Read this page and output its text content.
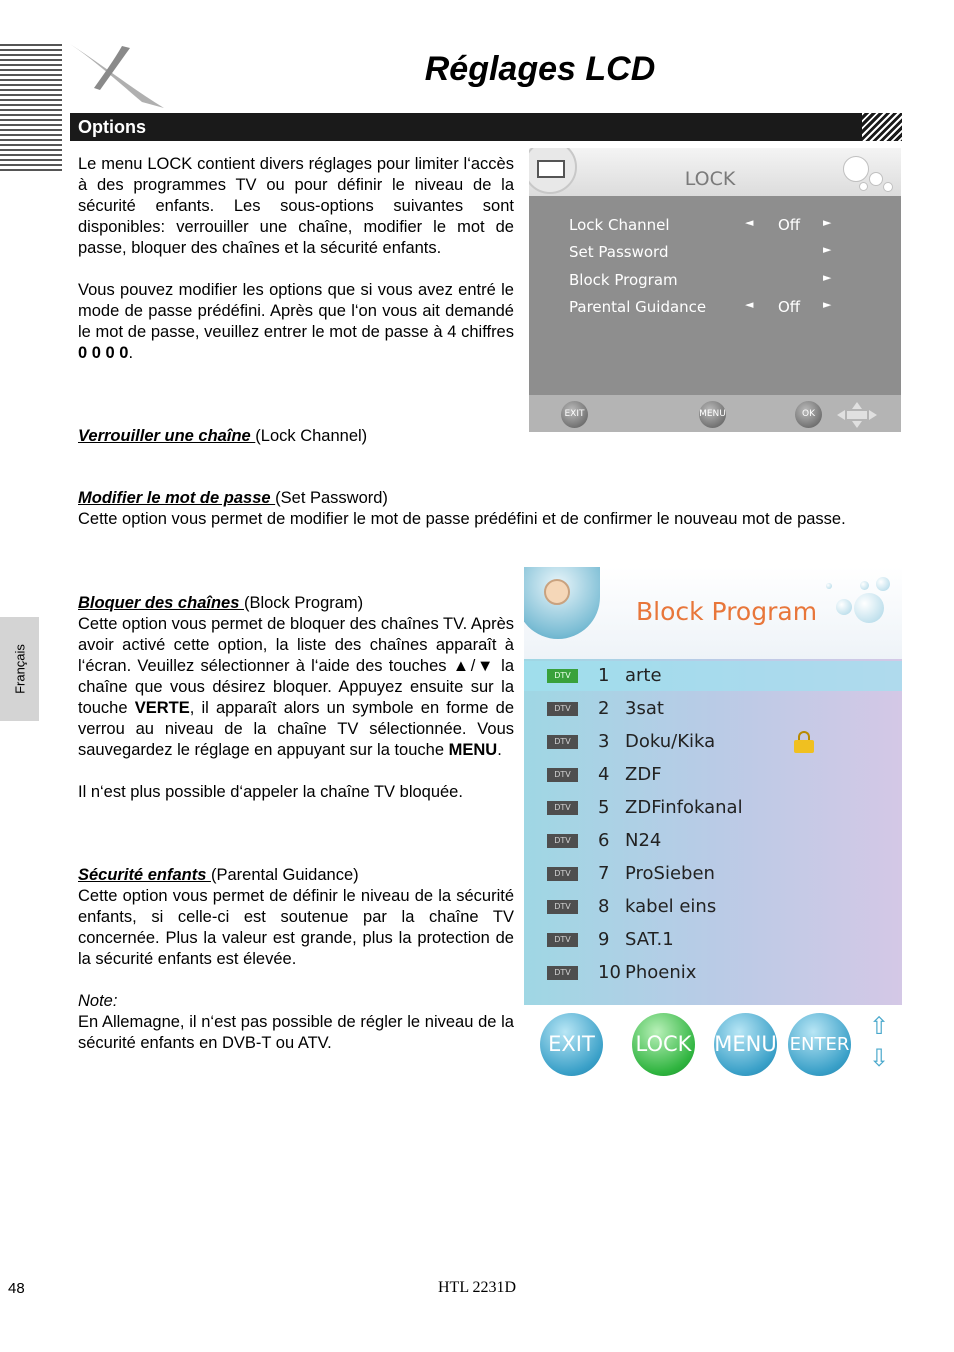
Réglages LCD
Options
Français

Le menu LOCK contient divers réglages pour limiter l‘accès à des programmes TV ou pour définir le niveau de la sécurité enfants. Les sous-options suivantes sont disponibles: verrouiller une chaîne, modifier le mot de passe, bloquer des chaînes et la sécurité enfants.

Vous pouvez modifier les options que si vous avez entré le mode de passe prédéfini. Après que l‘on vous ait demandé le mot de passe, veuillez entrer le mot de passe à 4 chiffres 0 0 0 0.

Verrouiller une chaîne (Lock Channel)

Modifier le mot de passe (Set Password)

Cette option vous permet de modifier le mot de passe prédéfini et de confirmer le nouveau mot de passe.

Bloquer des chaînes (Block Program)

Cette option vous permet de bloquer des chaînes TV. Après avoir activé cette option, la liste des chaînes apparaît à l‘écran. Veuillez sélectionner à l‘aide des touches ▲/▼ la chaîne que vous désirez bloquer. Appuyez ensuite sur la touche VERTE, il apparaît alors un symbole en forme de verrou au niveau de la chaîne TV sélectionnée. Vous sauvegardez le réglage en appuyant sur la touche MENU.

Il n‘est plus possible d‘appeler la chaîne TV bloquée.

Sécurité enfants (Parental Guidance)

Cette option vous permet de définir le niveau de la sécurité enfants, si celle-ci est soutenue par la chaîne TV concernée. Plus la valeur est grande, plus la protection de la sécurité enfants est élevée.

Note:

En Allemagne, il n‘est pas possible de régler le niveau de la sécurité enfants en DVB-T ou ATV.

LOCK
Lock Channel	◄ Off ►
Set Password	►
Block Program	►
Parental Guidance	◄ Off ►
EXIT	MENU	OK
Block Program
DTV	1 arte
DTV	2 3sat
DTV	3 Doku/Kika
DTV	4 ZDF
DTV	5 ZDFinfokanal
DTV	6 N24
DTV	7 ProSieben
DTV	8 kabel eins
DTV	9 SAT.1
DTV	10 Phoenix
EXIT	LOCK MENU ENTER
⇧
⇩
48	HTL 2231D
